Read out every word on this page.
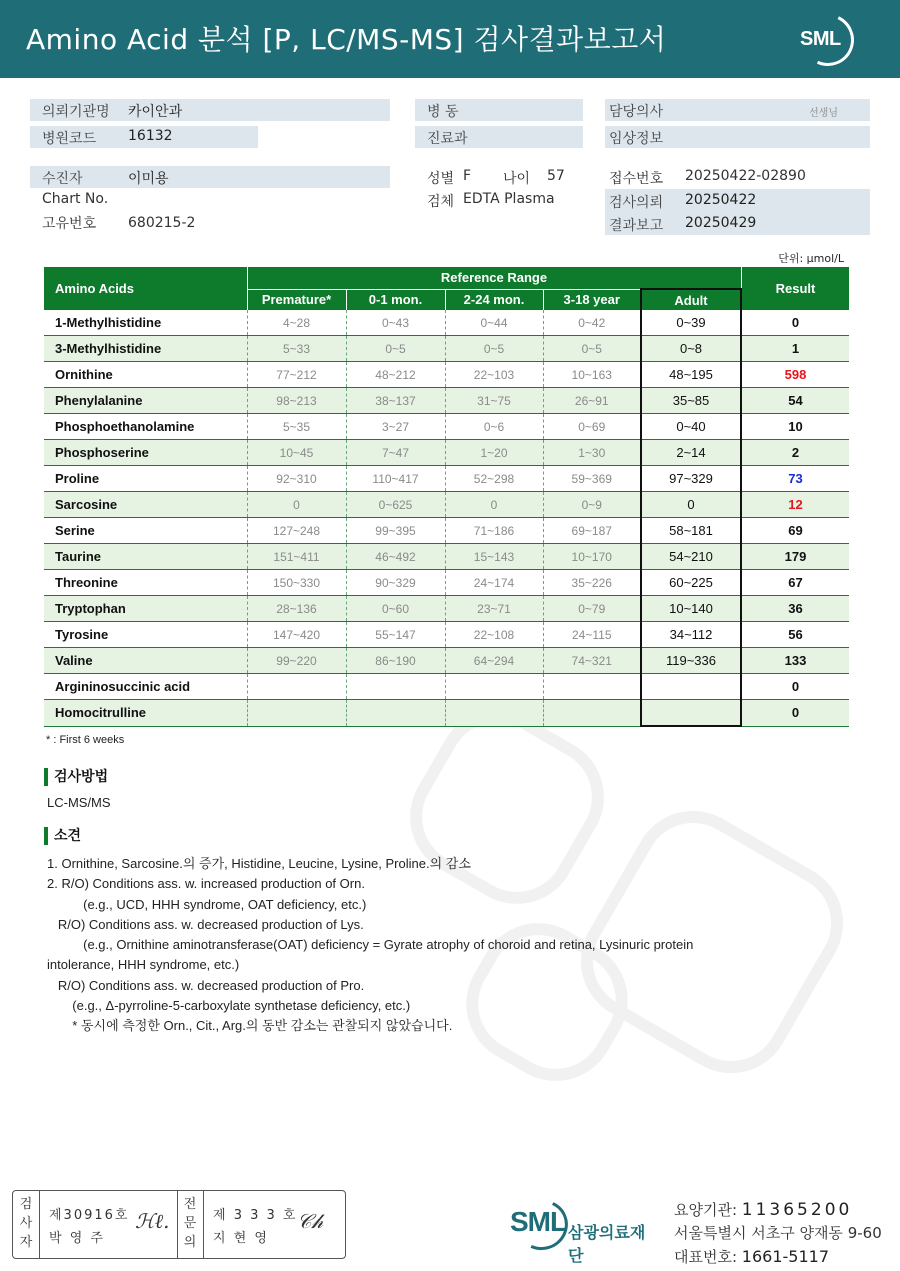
Amino Acid 분석 [P, LC/MS-MS] 검사결과보고서	SML
의뢰기관명 카이안과
병원코드 16132
수진자	이미용
Chart No.
고유번호 680215-2
병 동
진료과
성별 F 나이 57
검체 EDTA Plasma
담당의사	선생님
임상정보
접수번호 20250422-02890
검사의뢰 20250422
결과보고 20250429
단위: μmol/L
Amino Acids	Reference Range					Result
	Premature*	0-1 mon.	2-24 mon.	3-18 year	Adult	
1-Methylhistidine	4~28	0~43	0~44	0~42	0~39	0
3-Methylhistidine	5~33	0~5	0~5	0~5	0~8	1
Ornithine	77~212	48~212	22~103	10~163	48~195	598
Phenylalanine	98~213	38~137	31~75	26~91	35~85	54
Phosphoethanolamine	5~35	3~27	0~6	0~69	0~40	10
Phosphoserine	10~45	7~47	1~20	1~30	2~14	2
Proline	92~310	110~417	52~298	59~369	97~329	73
Sarcosine	0	0~625	0	0~9	0	12
Serine	127~248	99~395	71~186	69~187	58~181	69
Taurine	151~411	46~492	15~143	10~170	54~210	179
Threonine	150~330	90~329	24~174	35~226	60~225	67
Tryptophan	28~136	0~60	23~71	0~79	10~140	36
Tyrosine	147~420	55~147	22~108	24~115	34~112	56
Valine	99~220	86~190	64~294	74~321	119~336	133
Argininosuccinic acid						0
Homocitrulline						0
* : First 6 weeks
검사방법
LC-MS/MS
소견
1. Ornithine, Sarcosine.의 증가, Histidine, Leucine, Lysine, Proline.의 감소
2. R/O) Conditions ass. w. increased production of Orn.
(e.g., UCD, HHH syndrome, OAT deficiency, etc.)
R/O) Conditions ass. w. decreased production of Lys.
(e.g., Ornithine aminotransferase(OAT) deficiency = Gyrate atrophy of choroid and retina, Lysinuric protein
intolerance, HHH syndrome, etc.)
R/O) Conditions ass. w. decreased production of Pro.
(e.g., Δ-pyrroline-5-carboxylate synthetase deficiency, etc.)
* 동시에 측정한 Orn., Cit., Arg.의 동반 감소는 관찰되지 않았습니다.
검
사
자
제30916호
박 영 주
ℋℓ.
전
문
의
제 3 3 3 호
지 현 영
𝒞𝒽	SML 삼광의료재단
요양기관: 11365200
서울특별시 서초구 양재동 9-60
대표번호: 1661-5117
